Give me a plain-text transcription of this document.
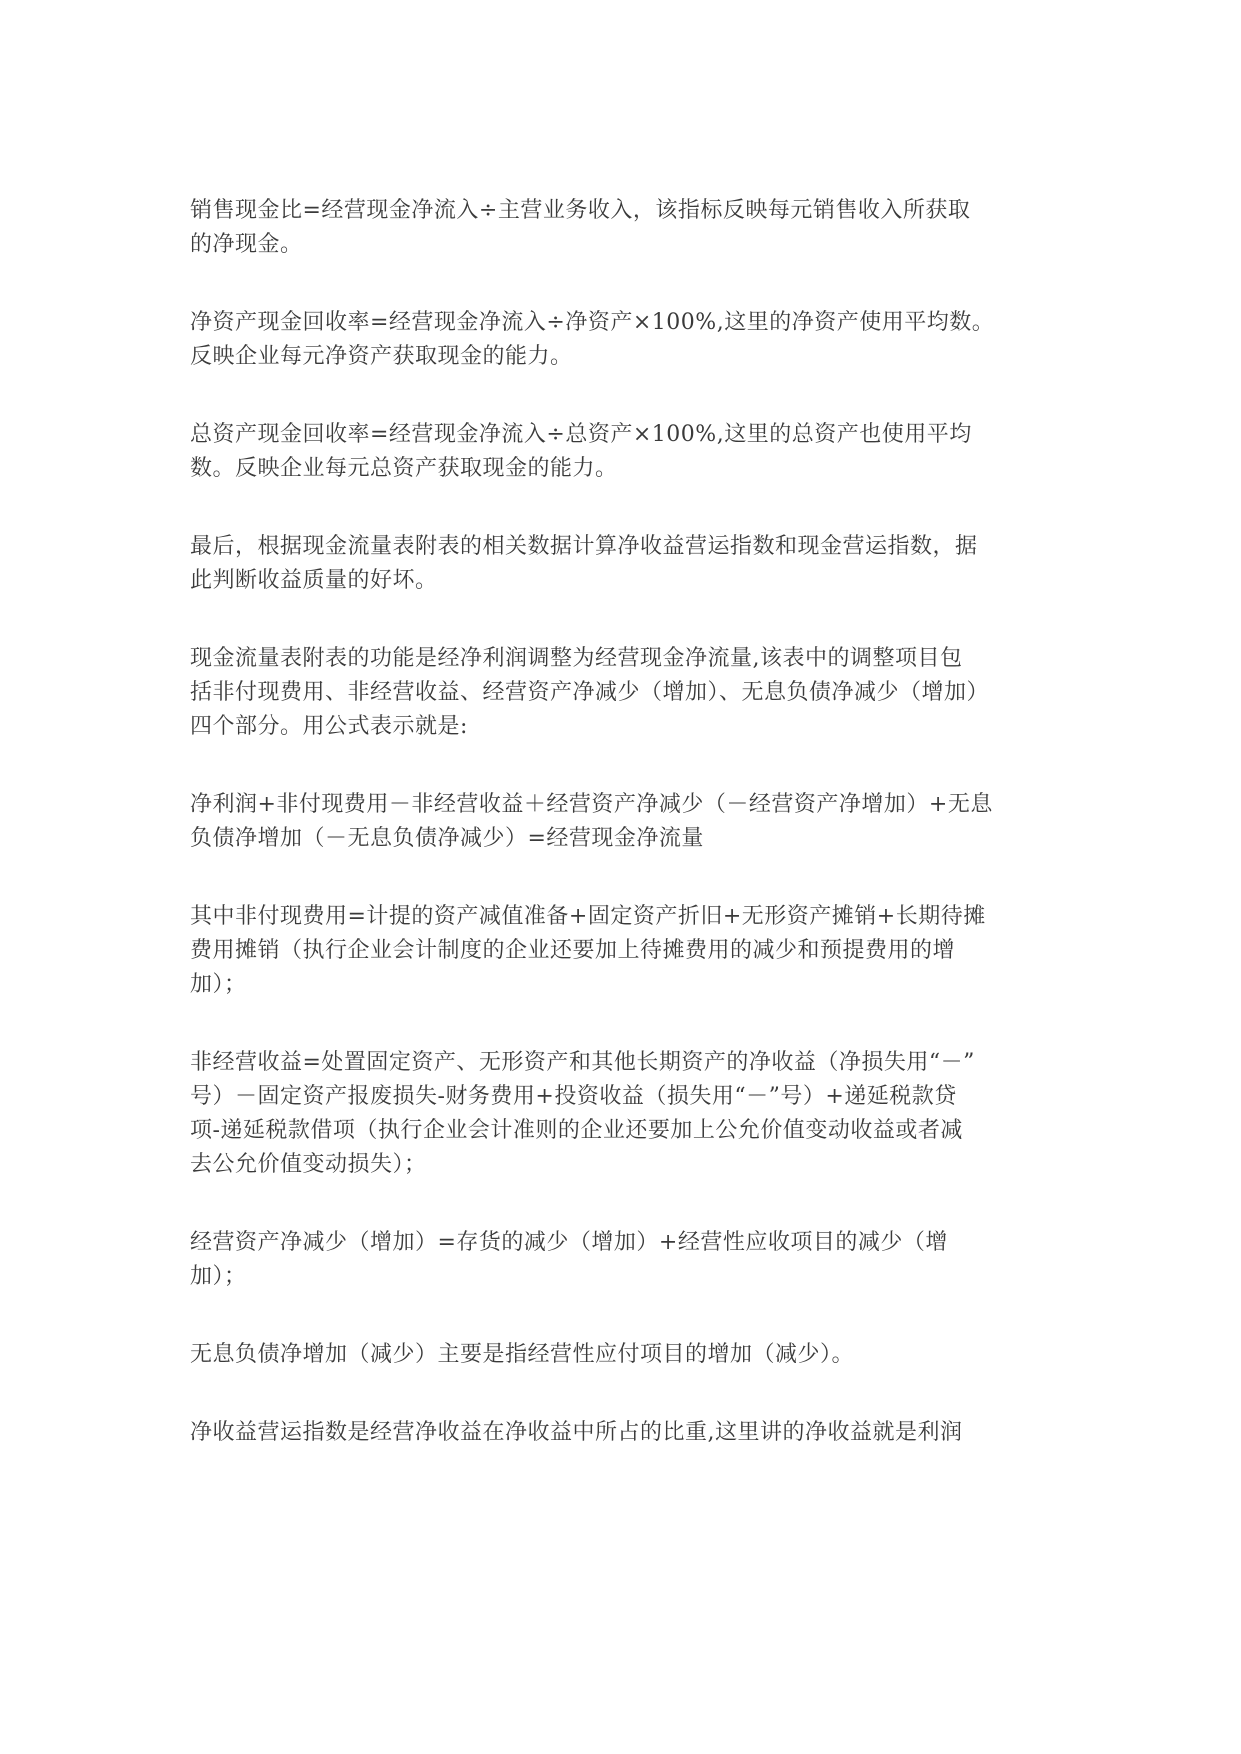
销售现金比=经营现金净流入÷主营业务收入，该指标反映每元销售收入所获取
的净现金。

净资产现金回收率=经营现金净流入÷净资产×100%,这里的净资产使用平均数。
反映企业每元净资产获取现金的能力。

总资产现金回收率=经营现金净流入÷总资产×100%,这里的总资产也使用平均
数。反映企业每元总资产获取现金的能力。

最后，根据现金流量表附表的相关数据计算净收益营运指数和现金营运指数，据
此判断收益质量的好坏。

现金流量表附表的功能是经净利润调整为经营现金净流量,该表中的调整项目包
括非付现费用、非经营收益、经营资产净减少（增加）、无息负债净减少（增加）
四个部分。用公式表示就是:

净利润+非付现费用－非经营收益＋经营资产净减少（－经营资产净增加）+无息
负债净增加（－无息负债净减少）=经营现金净流量

其中非付现费用=计提的资产减值准备+固定资产折旧+无形资产摊销+长期待摊
费用摊销（执行企业会计制度的企业还要加上待摊费用的减少和预提费用的增
加）；

非经营收益=处置固定资产、无形资产和其他长期资产的净收益（净损失用“－”
号）－固定资产报废损失-财务费用+投资收益（损失用“－”号）+递延税款贷
项-递延税款借项（执行企业会计准则的企业还要加上公允价值变动收益或者减
去公允价值变动损失）；

经营资产净减少（增加）=存货的减少（增加）+经营性应收项目的减少（增
加）；

无息负债净增加（减少）主要是指经营性应付项目的增加（减少）。

净收益营运指数是经营净收益在净收益中所占的比重,这里讲的净收益就是利润
